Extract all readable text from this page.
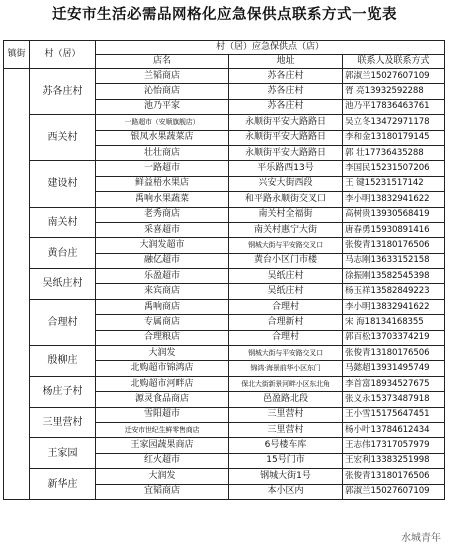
迁安市生活必需品网格化应急保供点联系方式一览表
镇街	村（居）	村（居）应急保供点（店）		
		店名	地址	联系人及联系方式
	苏各庄村	兰韬商店	苏各庄村	郭淑兰15027607109
		沁怡商店	苏各庄村	胥 亮13932592288
		池乃平家	苏各庄村	池乃平17836463761
	西关村	一路超市（安顺旗舰店）	永顺街平安大路路日	吴立冬13472971178
		银凤水果蔬菜店	永顺街平安大路路日	李和金13180179145
		壮壮商店	永顺街平安大路路日	郭 壮17736435288
	建设村	一路超市	平乐路西13号	李国民15231507206
		鲜益梧水果店	兴安大街西段	王 键15231517142
		禹响水果蔬菜	和平路永顺街交叉口	李小明13832941622
	南关村	老秀商店	南关村全福街	高树贵13930568419
		采喜超市	南关村惠宁大街	唐春勇15930891416
	黄台庄	大润发超市	钢城大街与平安路交叉口	张俊青13180176506
		融亿超市	黄台小区门市楼	马志刚13633152158
	吴纸庄村	乐盈超市	吴纸庄村	徐振刚13582545398
		来宾商店	吴纸庄村	杨玉祥13582849223
	合理村	禹响商店	合理村	李小明13832941622
		专属商店	合理新村	宋 海18134168355
		合理粮店	合理村	郭百松13703374219
	殷柳庄	大润发	钢城大街与平安路交叉口	张俊青13180176506
		北购超市锦鸿店	锦鸿·海景前华小区东门	马懿超13931495749
	杨庄子村	北购超市河畔店	保北大街新景河畔小区东北角	李首富18934527675
		源灵食品商店	邑盈路北段	张义永15373487918
	三里营村	雪阳超市	三里营村	王小雪15175647451
		迁安市世纪生鲜零售商店	三里营村	杨小叶13784612434
	王家园	王家园蔬果商店	6号楼车库	王志伟17317057979
		红火超市	15号门市	王宏利13383251998
	新华庄	大润发	钢城大街1号	张俊青13180176506
		宜韬商店	本小区内	郭淑兰15027607109
水城青年
